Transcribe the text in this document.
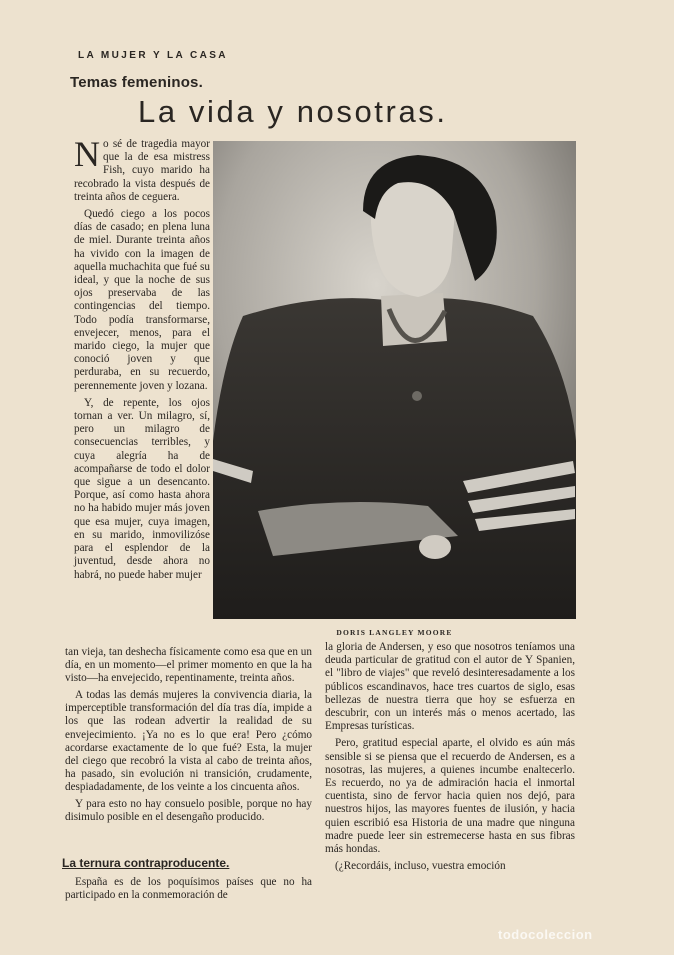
LA MUJER Y LA CASA
Temas femeninos.
La vida y nosotras.

No sé de tragedia mayor que la de esa mistress Fish, cuyo marido ha recobrado la vista después de treinta años de ceguera.

Quedó ciego a los pocos días de casado; en plena luna de miel. Durante treinta años ha vivido con la imagen de aquella muchachita que fué su ideal, y que la noche de sus ojos preservaba de las contingencias del tiempo. Todo podía transformarse, envejecer, menos, para el marido ciego, la mujer que conoció joven y que perduraba, en su recuerdo, perennemente joven y lozana.

Y, de repente, los ojos tornan a ver. Un milagro, sí, pero un milagro de consecuencias terribles, y cuya alegría ha de acompañarse de todo el dolor que sigue a un desencanto. Porque, así como hasta ahora no ha habido mujer más joven que esa mujer, cuya imagen, en su marido, inmovilizóse para el esplendor de la juventud, desde ahora no habrá, no puede haber mujer

DORIS LANGLEY MOORE

tan vieja, tan deshecha físicamente como esa que en un día, en un momento—el primer momento en que la ha visto—ha envejecido, repentinamente, treinta años.

A todas las demás mujeres la convivencia diaria, la imperceptible transformación del día tras día, impide a los que las rodean advertir la realidad de su envejecimiento. ¡Ya no es lo que era! Pero ¿cómo acordarse exactamente de lo que fué? Esta, la mujer del ciego que recobró la vista al cabo de treinta años, ha pasado, sin evolución ni transición, crudamente, despiadadamente, de los veinte a los cincuenta años.

Y para esto no hay consuelo posible, porque no hay disimulo posible en el desengaño producido.

La ternura contraproducente.

España es de los poquísimos países que no ha participado en la conmemoración de

la gloria de Andersen, y eso que nosotros teníamos una deuda particular de gratitud con el autor de Y Spanien, el "libro de viajes" que reveló desinteresadamente a los públicos escandinavos, hace tres cuartos de siglo, esas bellezas de nuestra tierra que hoy se esfuerza en descubrir, con un interés más o menos acertado, las Empresas turísticas.

Pero, gratitud especial aparte, el olvido es aún más sensible si se piensa que el recuerdo de Andersen, es a nosotras, las mujeres, a quienes incumbe enaltecerlo. Es recuerdo, no ya de admiración hacia el inmortal cuentista, sino de fervor hacia quien nos dejó, para nuestros hijos, las mayores fuentes de ilusión, y hacia quien escribió esa Historia de una madre que ninguna madre puede leer sin estremecerse hasta en sus fibras más hondas.

(¿Recordáis, incluso, vuestra emoción

todocoleccion
